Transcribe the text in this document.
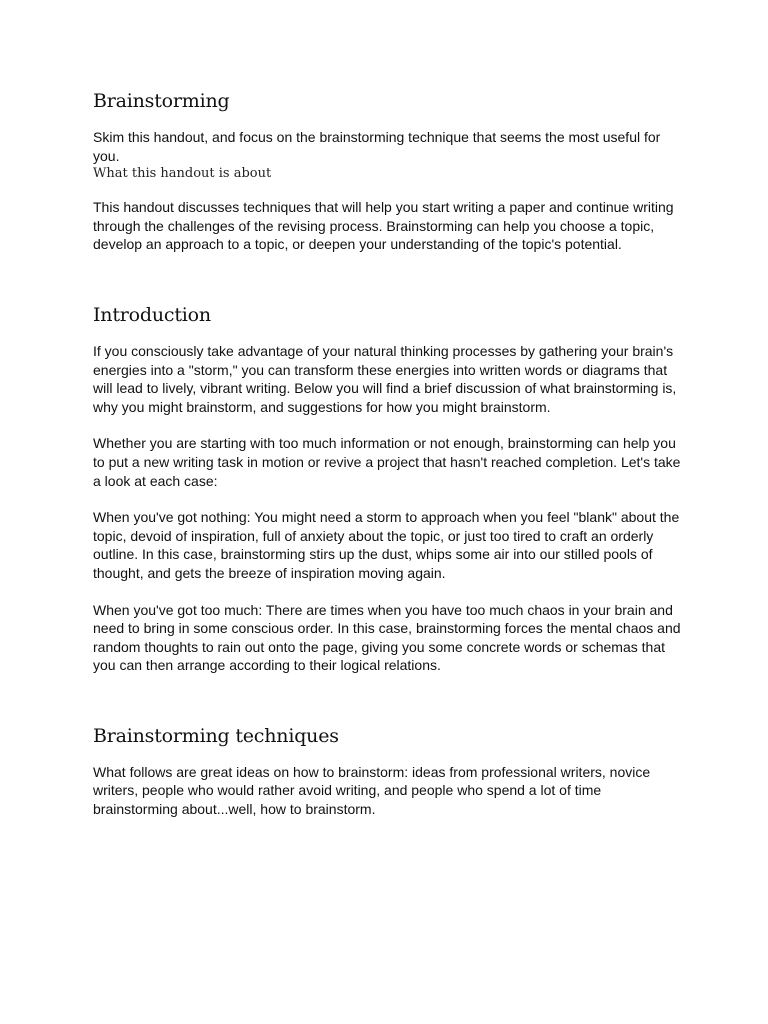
Brainstorming

Skim this handout, and focus on the brainstorming technique that seems the most useful for you.

What this handout is about

This handout discusses techniques that will help you start writing a paper and continue writing through the challenges of the revising process. Brainstorming can help you choose a topic, develop an approach to a topic, or deepen your understanding of the topic's potential.

Introduction

If you consciously take advantage of your natural thinking processes by gathering your brain's energies into a "storm," you can transform these energies into written words or diagrams that will lead to lively, vibrant writing. Below you will find a brief discussion of what brainstorming is, why you might brainstorm, and suggestions for how you might brainstorm.

Whether you are starting with too much information or not enough, brainstorming can help you to put a new writing task in motion or revive a project that hasn't reached completion. Let's take a look at each case:

When you've got nothing: You might need a storm to approach when you feel "blank" about the topic, devoid of inspiration, full of anxiety about the topic, or just too tired to craft an orderly outline. In this case, brainstorming stirs up the dust, whips some air into our stilled pools of thought, and gets the breeze of inspiration moving again.

When you've got too much: There are times when you have too much chaos in your brain and need to bring in some conscious order. In this case, brainstorming forces the mental chaos and random thoughts to rain out onto the page, giving you some concrete words or schemas that you can then arrange according to their logical relations.

Brainstorming techniques

What follows are great ideas on how to brainstorm: ideas from professional writers, novice writers, people who would rather avoid writing, and people who spend a lot of time brainstorming about...well, how to brainstorm.
